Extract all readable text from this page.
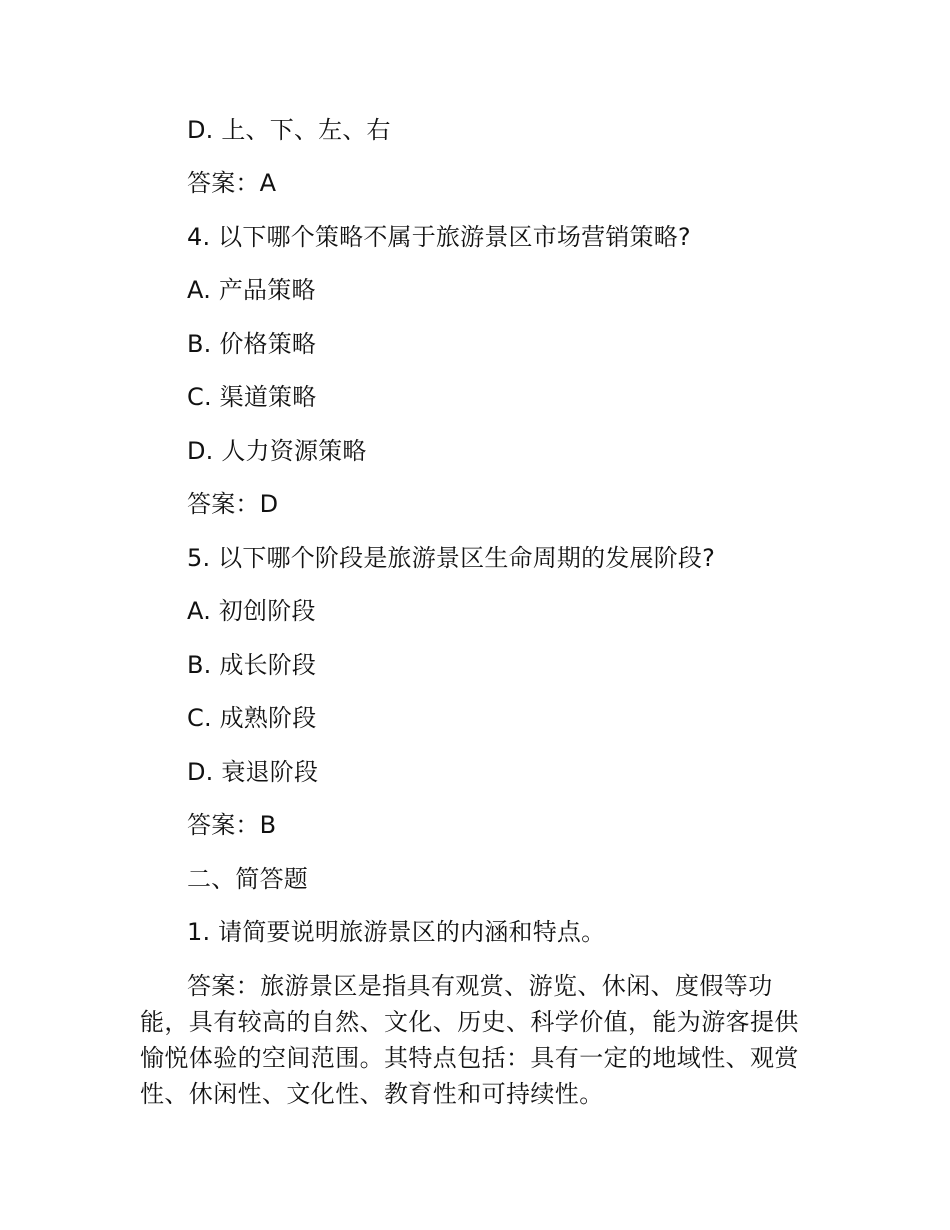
D. 上、下、左、右
答案：A
4. 以下哪个策略不属于旅游景区市场营销策略?
A. 产品策略
B. 价格策略
C. 渠道策略
D. 人力资源策略
答案：D
5. 以下哪个阶段是旅游景区生命周期的发展阶段?
A. 初创阶段
B. 成长阶段
C. 成熟阶段
D. 衰退阶段
答案：B
二、简答题
1. 请简要说明旅游景区的内涵和特点。
答案：旅游景区是指具有观赏、游览、休闲、度假等功能，具有较高的自然、文化、历史、科学价值，能为游客提供愉悦体验的空间范围。其特点包括：具有一定的地域性、观赏性、休闲性、文化性、教育性和可持续性。
